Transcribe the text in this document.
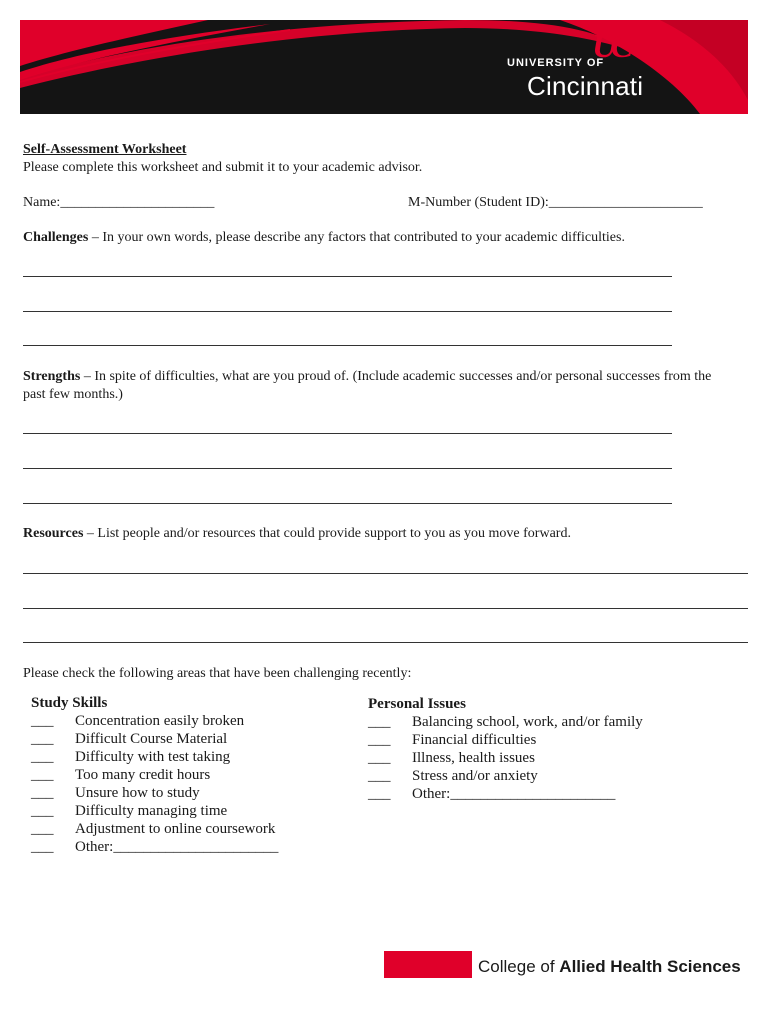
UNIVERSITY OF
Cincinnati
UC
Self-Assessment Worksheet
Please complete this worksheet and submit it to your academic advisor.
Name:______________________	M-Number (Student ID):______________________
Challenges – In your own words, please describe any factors that contributed to your academic difficulties.
Strengths – In spite of difficulties, what are you proud of. (Include academic successes and/or personal successes from the
past few months.)
Resources – List people and/or resources that could provide support to you as you move forward.
Please check the following areas that have been challenging recently:
Study Skills
___ Concentration easily broken
___ Difficult Course Material
___ Difficulty with test taking
___ Too many credit hours
___ Unsure how to study
___ Difficulty managing time
___ Adjustment to online coursework
___ Other:______________________
Personal Issues
___ Balancing school, work, and/or family
___ Financial difficulties
___ Illness, health issues
___ Stress and/or anxiety
___ Other:______________________
College of Allied Health Sciences
